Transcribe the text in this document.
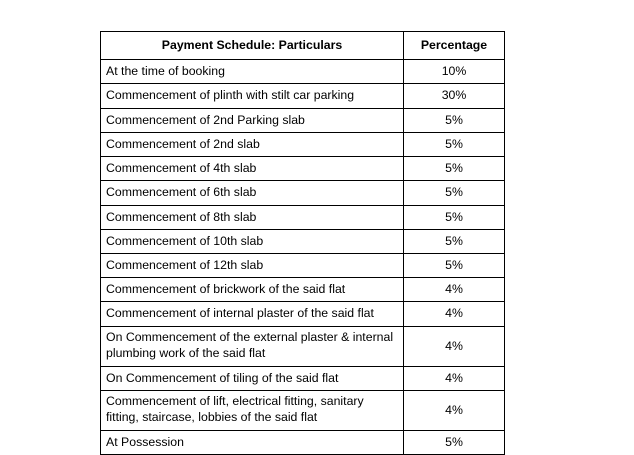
Payment Schedule: Particulars	Percentage
At the time of booking	10%
Commencement of plinth with stilt car parking	30%
Commencement of 2nd Parking slab	5%
Commencement of 2nd slab	5%
Commencement of 4th slab	5%
Commencement of 6th slab	5%
Commencement of 8th slab	5%
Commencement of 10th slab	5%
Commencement of 12th slab	5%
Commencement of brickwork of the said flat	4%
Commencement of internal plaster of the said flat	4%
On Commencement of the external plaster & internal plumbing work of the said flat	4%
On Commencement of tiling of the said flat	4%
Commencement of lift, electrical fitting, sanitary fitting, staircase, lobbies of the said flat	4%
At Possession	5%
